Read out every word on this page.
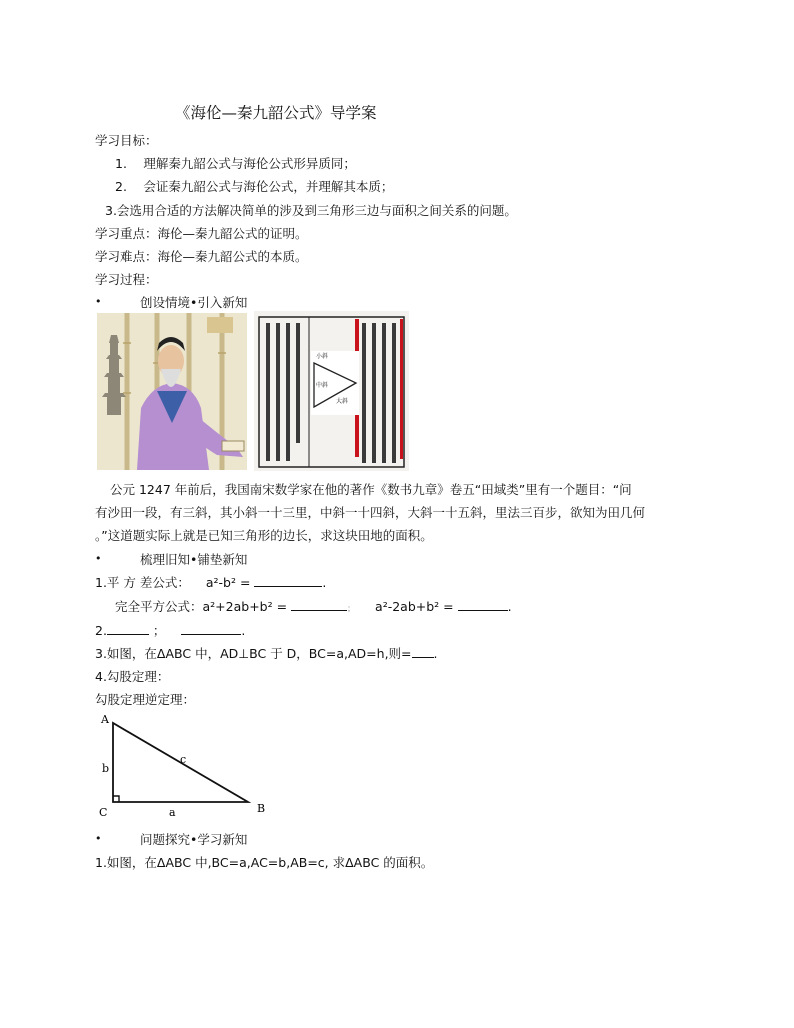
《海伦—秦九韶公式》导学案
学习目标：
1.　 理解秦九韶公式与海伦公式形异质同；
2.　 会证秦九韶公式与海伦公式，并理解其本质；
3.会选用合适的方法解决简单的涉及到三角形三边与面积之间关系的问题。
学习重点：海伦—秦九韶公式的证明。
学习难点：海伦—秦九韶公式的本质。
学习过程：
•	创设情境•引入新知
小斜
大斜
中斜
公元 1247 年前后，我国南宋数学家在他的著作《数书九章》卷五“田域类”里有一个题目：“问
有沙田一段，有三斜，其小斜一十三里，中斜一十四斜，大斜一十五斜，里法三百步，欲知为田几何
。”这道题实际上就是已知三角形的边长，求这块田地的面积。
•	梳理旧知•铺垫新知
1.平 方 差公式： a²-b² =	.
完全平方公式：a²+2ab+b² =	； a²-2ab+b² =	.
2.	；	.
3.如图，在ΔABC 中，AD⊥BC 于 D，BC=a,AD=h,则= .
4.勾股定理：
勾股定理逆定理：
A
C	B
a
b
c
•	问题探究•学习新知
1.如图，在ΔABC 中,BC=a,AC=b,AB=c, 求ΔABC 的面积。
